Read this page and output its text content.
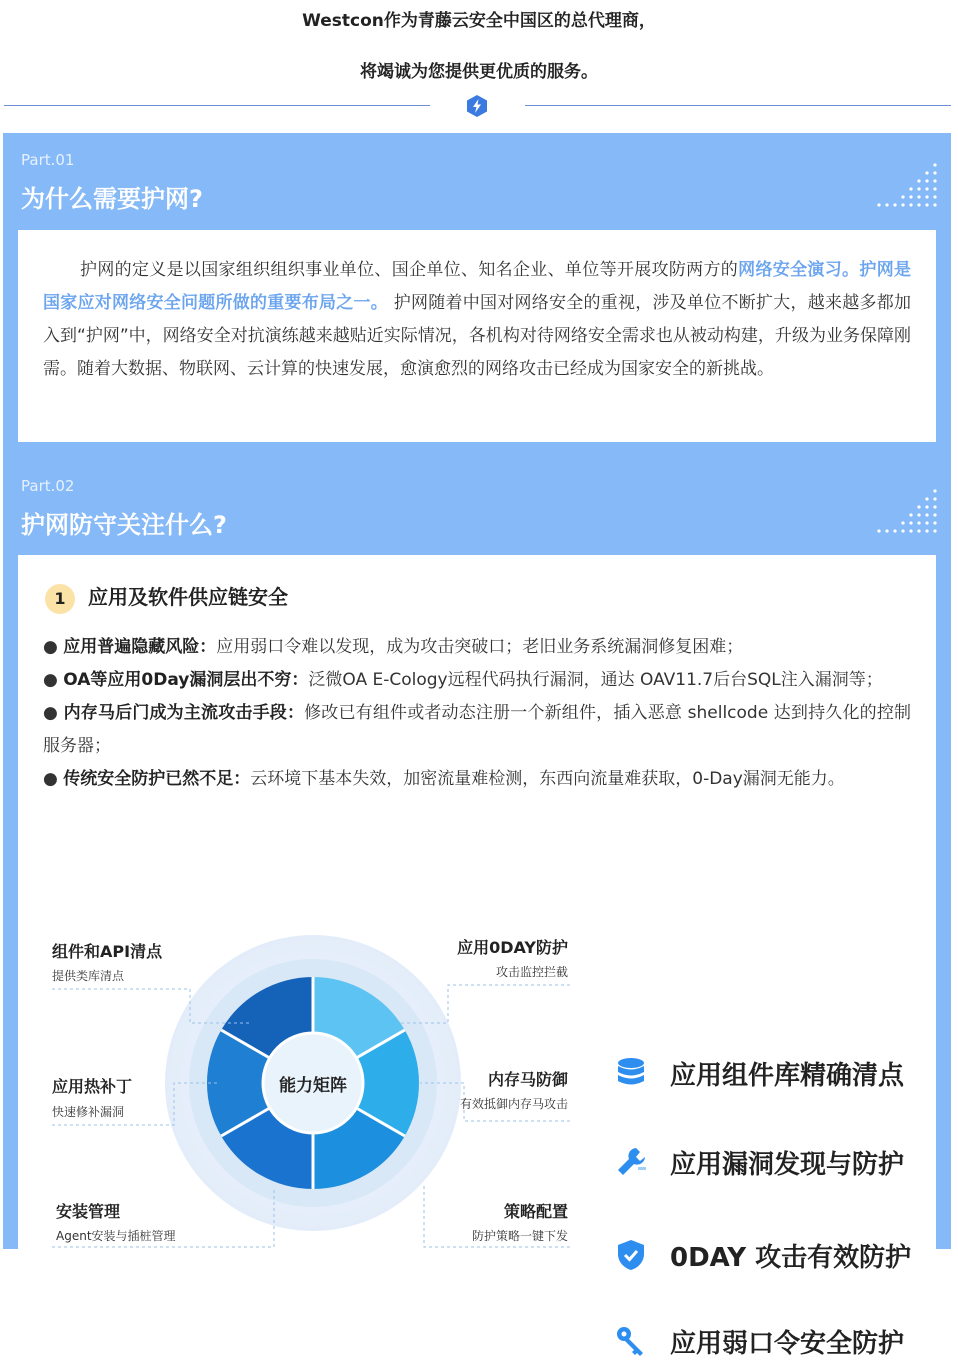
Westcon作为青藤云安全中国区的总代理商，
将竭诚为您提供更优质的服务。
Part.01
为什么需要护网?

护网的定义是以国家组织组织事业单位、国企单位、知名企业、单位等开展攻防两方的网络安全演习。护网是国家应对网络安全问题所做的重要布局之一。 护网随着中国对网络安全的重视，涉及单位不断扩大，越来越多都加入到“护网”中，网络安全对抗演练越来越贴近实际情况，各机构对待网络安全需求也从被动构建，升级为业务保障刚需。随着大数据、物联网、云计算的快速发展，愈演愈烈的网络攻击已经成为国家安全的新挑战。

Part.02
护网防守关注什么?
1	应用及软件供应链安全
● 应用普遍隐藏风险：应用弱口令难以发现，成为攻击突破口；老旧业务系统漏洞修复困难；
● OA等应用0Day漏洞层出不穷：泛微OA E-Cology远程代码执行漏洞，通达 OAV11.7后台SQL注入漏洞等；
● 内存马后门成为主流攻击手段：修改已有组件或者动态注册一个新组件，插入恶意 shellcode 达到持久化的控制服务器；
● 传统安全防护已然不足：云环境下基本失效，加密流量难检测，东西向流量难获取，0-Day漏洞无能力。
能力矩阵
组件和API清点
提供类库清点
应用热补丁
快速修补漏洞
安装管理
Agent安装与插桩管理
应用0DAY防护
攻击监控拦截
内存马防御
有效抵御内存马攻击
策略配置
防护策略一键下发
应用组件库精确清点
应用漏洞发现与防护
0DAY 攻击有效防护
应用弱口令安全防护
